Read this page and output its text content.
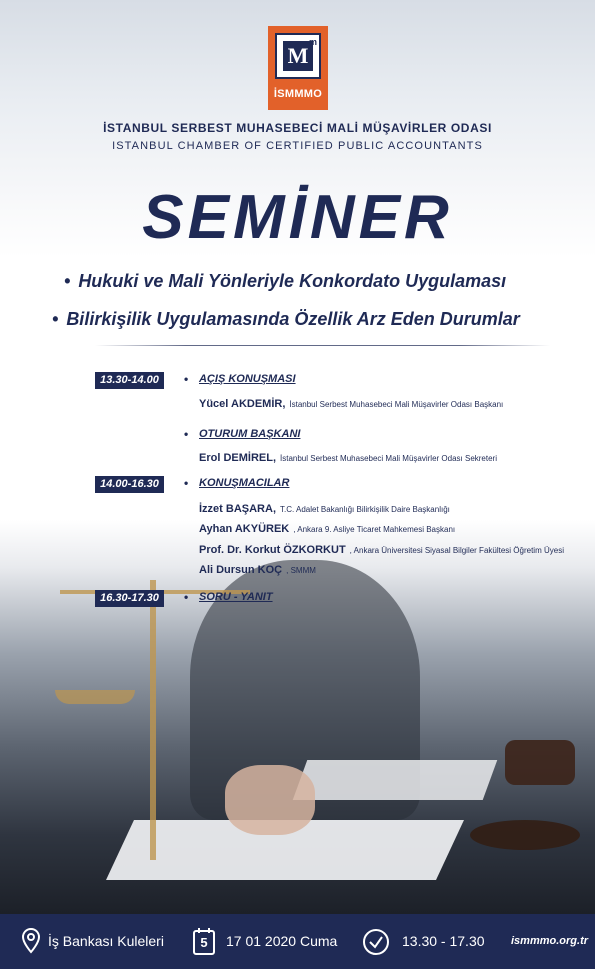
M
m
İSMMMO
İSTANBUL SERBEST MUHASEBECİ MALİ MÜŞAVİRLER ODASI
ISTANBUL CHAMBER OF CERTIFIED PUBLIC ACCOUNTANTS
SEMİNER
• Hukuki ve Mali Yönleriyle Konkordato Uygulaması
• Bilirkişilik Uygulamasında Özellik Arz Eden Durumlar
13.30-14.00	• AÇIŞ KONUŞMASI
Yücel AKDEMİR, İstanbul Serbest Muhasebeci Mali Müşavirler Odası Başkanı
• OTURUM BAŞKANI
Erol DEMİREL, İstanbul Serbest Muhasebeci Mali Müşavirler Odası Sekreteri
14.00-16.30	• KONUŞMACILAR
İzzet BAŞARA, T.C. Adalet Bakanlığı Bilirkişilik Daire Başkanlığı
Ayhan AKYÜREK , Ankara 9. Asliye Ticaret Mahkemesi Başkanı
Prof. Dr. Korkut ÖZKORKUT , Ankara Üniversitesi Siyasal Bilgiler Fakültesi Öğretim Üyesi
Ali Dursun KOÇ , SMMM
16.30-17.30	• SORU - YANIT
İş Bankası Kuleleri	5	17 01 2020 Cuma	13.30 - 17.30 ismmmo.org.tr
